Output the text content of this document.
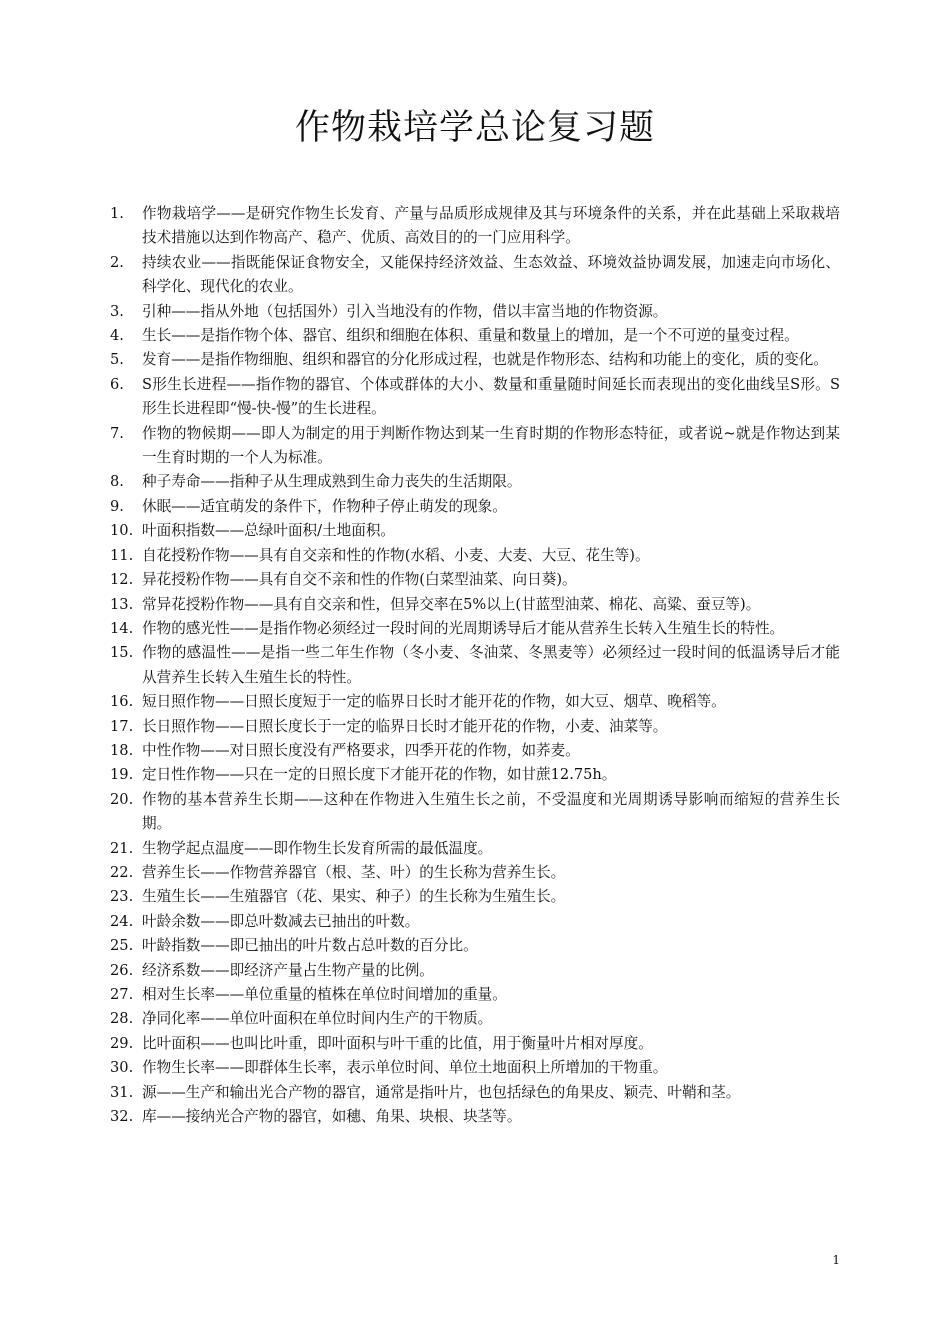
作物栽培学总论复习题
1.	作物栽培学——是研究作物生长发育、产量与品质形成规律及其与环境条件的关系，并在此基础上采取栽培技术措施以达到作物高产、稳产、优质、高效目的的一门应用科学。
2.	持续农业——指既能保证食物安全，又能保持经济效益、生态效益、环境效益协调发展，加速走向市场化、科学化、现代化的农业。
3.	引种——指从外地（包括国外）引入当地没有的作物，借以丰富当地的作物资源。
4.	生长——是指作物个体、器官、组织和细胞在体积、重量和数量上的增加，是一个不可逆的量变过程。
5.	发育——是指作物细胞、组织和器官的分化形成过程，也就是作物形态、结构和功能上的变化，质的变化。
6.	S形生长进程——指作物的器官、个体或群体的大小、数量和重量随时间延长而表现出的变化曲线呈S形。S形生长进程即“慢-快-慢”的生长进程。
7.	作物的物候期——即人为制定的用于判断作物达到某一生育时期的作物形态特征，或者说~就是作物达到某一生育时期的一个人为标准。
8.	种子寿命——指种子从生理成熟到生命力丧失的生活期限。
9.	休眠——适宜萌发的条件下，作物种子停止萌发的现象。
10. 叶面积指数——总绿叶面积/土地面积。
11. 自花授粉作物——具有自交亲和性的作物(水稻、小麦、大麦、大豆、花生等)。
12. 异花授粉作物——具有自交不亲和性的作物(白菜型油菜、向日葵)。
13. 常异花授粉作物——具有自交亲和性，但异交率在5%以上(甘蓝型油菜、棉花、高粱、蚕豆等)。
14. 作物的感光性——是指作物必须经过一段时间的光周期诱导后才能从营养生长转入生殖生长的特性。
15. 作物的感温性——是指一些二年生作物（冬小麦、冬油菜、冬黑麦等）必须经过一段时间的低温诱导后才能从营养生长转入生殖生长的特性。
16. 短日照作物——日照长度短于一定的临界日长时才能开花的作物，如大豆、烟草、晚稻等。
17. 长日照作物——日照长度长于一定的临界日长时才能开花的作物，小麦、油菜等。
18. 中性作物——对日照长度没有严格要求，四季开花的作物，如荞麦。
19. 定日性作物——只在一定的日照长度下才能开花的作物，如甘蔗12.75h。
20. 作物的基本营养生长期——这种在作物进入生殖生长之前，不受温度和光周期诱导影响而缩短的营养生长期。
21. 生物学起点温度——即作物生长发育所需的最低温度。
22. 营养生长——作物营养器官（根、茎、叶）的生长称为营养生长。
23. 生殖生长——生殖器官（花、果实、种子）的生长称为生殖生长。
24. 叶龄余数——即总叶数减去已抽出的叶数。
25. 叶龄指数——即已抽出的叶片数占总叶数的百分比。
26. 经济系数——即经济产量占生物产量的比例。
27. 相对生长率——单位重量的植株在单位时间增加的重量。
28. 净同化率——单位叶面积在单位时间内生产的干物质。
29. 比叶面积——也叫比叶重，即叶面积与叶干重的比值，用于衡量叶片相对厚度。
30. 作物生长率——即群体生长率，表示单位时间、单位土地面积上所增加的干物重。
31. 源——生产和输出光合产物的器官，通常是指叶片，也包括绿色的角果皮、颖壳、叶鞘和茎。
32. 库——接纳光合产物的器官，如穗、角果、块根、块茎等。
1
